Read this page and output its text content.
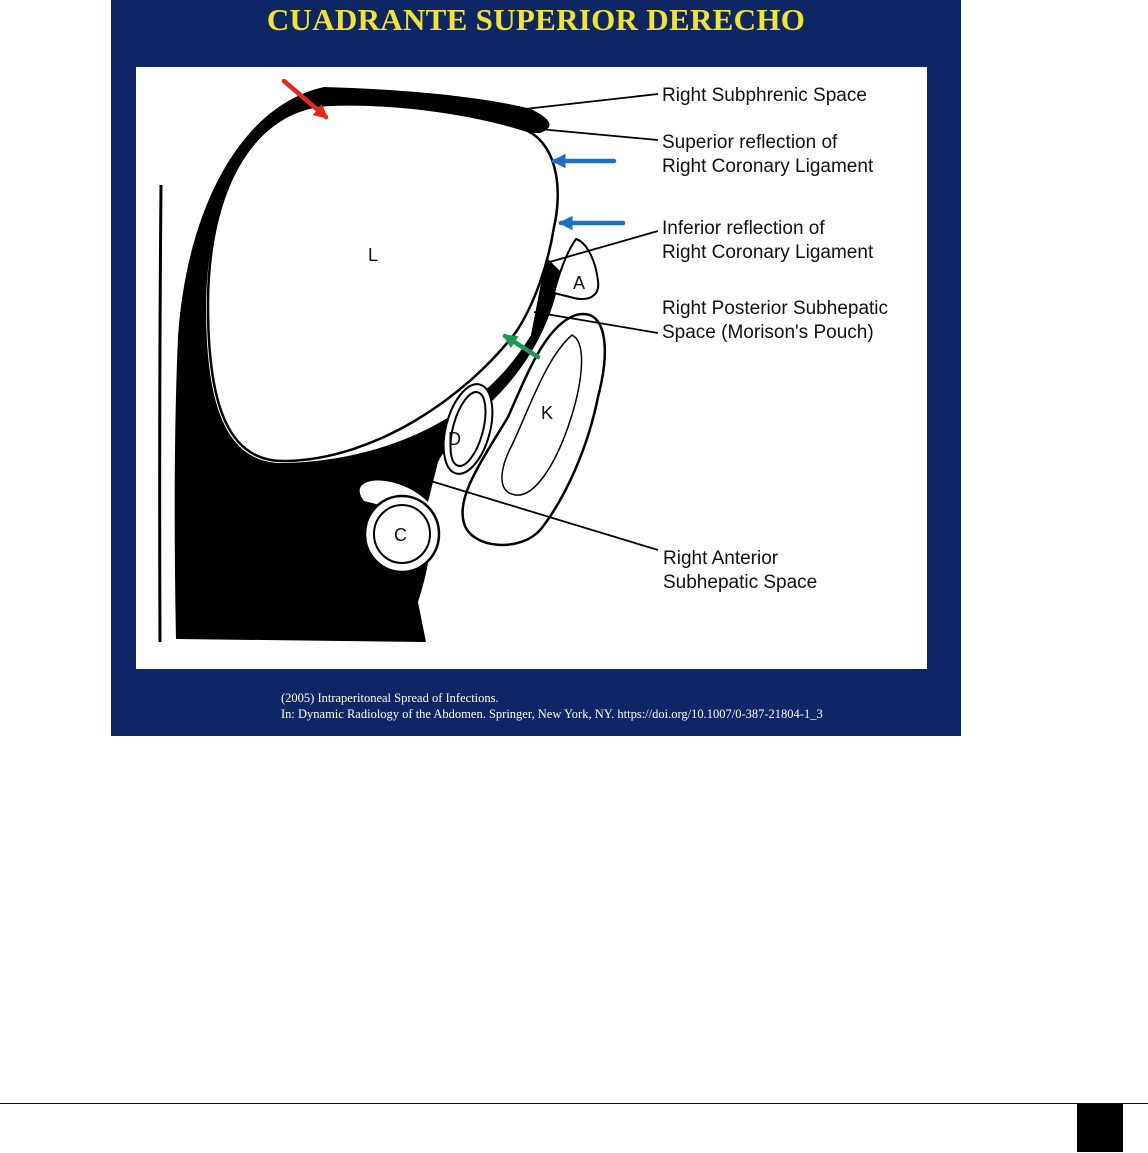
CUADRANTE SUPERIOR DERECHO
L
A
K
D
C
Right Subphrenic Space
Superior reflection of
Right Coronary Ligament
Inferior reflection of
Right Coronary Ligament
Right Posterior Subhepatic
Space (Morison's Pouch)
Right Anterior
Subhepatic Space
(2005) Intraperitoneal Spread of Infections.
In: Dynamic Radiology of the Abdomen. Springer, New York, NY. https://doi.org/10.1007/0-387-21804-1_3
